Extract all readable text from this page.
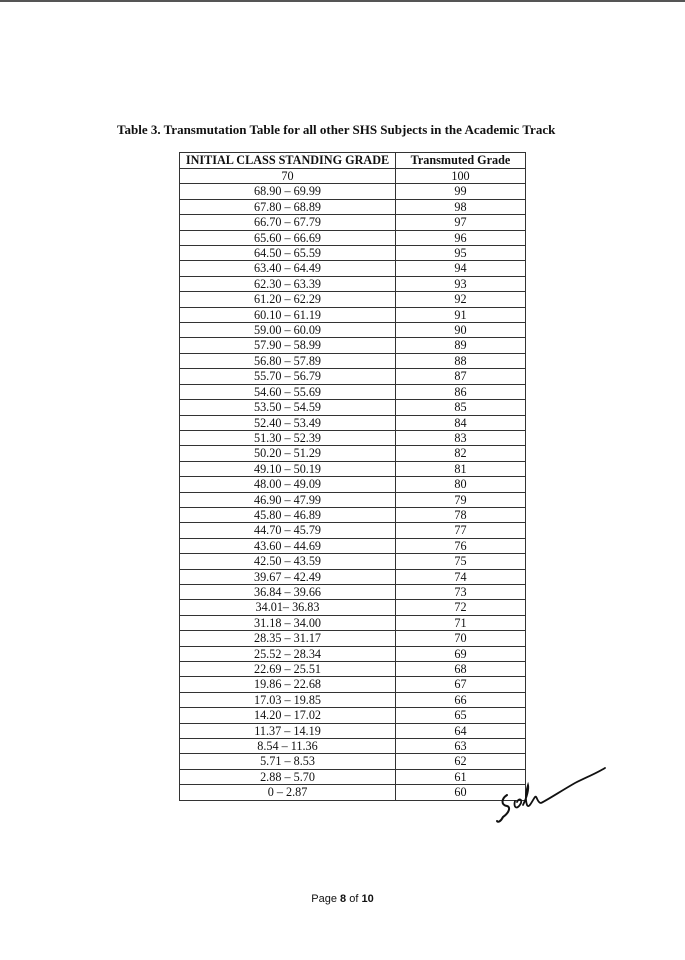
Table 3. Transmutation Table for all other SHS Subjects in the Academic Track
INITIAL CLASS STANDING GRADE	Transmuted Grade
70	100
68.90 – 69.99	99
67.80 – 68.89	98
66.70 – 67.79	97
65.60 – 66.69	96
64.50 – 65.59	95
63.40 – 64.49	94
62.30 – 63.39	93
61.20 – 62.29	92
60.10 – 61.19	91
59.00 – 60.09	90
57.90 – 58.99	89
56.80 – 57.89	88
55.70 – 56.79	87
54.60 – 55.69	86
53.50 – 54.59	85
52.40 – 53.49	84
51.30 – 52.39	83
50.20 – 51.29	82
49.10 – 50.19	81
48.00 – 49.09	80
46.90 – 47.99	79
45.80 – 46.89	78
44.70 – 45.79	77
43.60 – 44.69	76
42.50 – 43.59	75
39.67 – 42.49	74
36.84 – 39.66	73
34.01– 36.83	72
31.18 – 34.00	71
28.35 – 31.17	70
25.52 – 28.34	69
22.69 – 25.51	68
19.86 – 22.68	67
17.03 – 19.85	66
14.20 – 17.02	65
11.37 – 14.19	64
8.54 – 11.36	63
5.71 – 8.53	62
2.88 – 5.70	61
0 – 2.87	60
Page 8 of 10
